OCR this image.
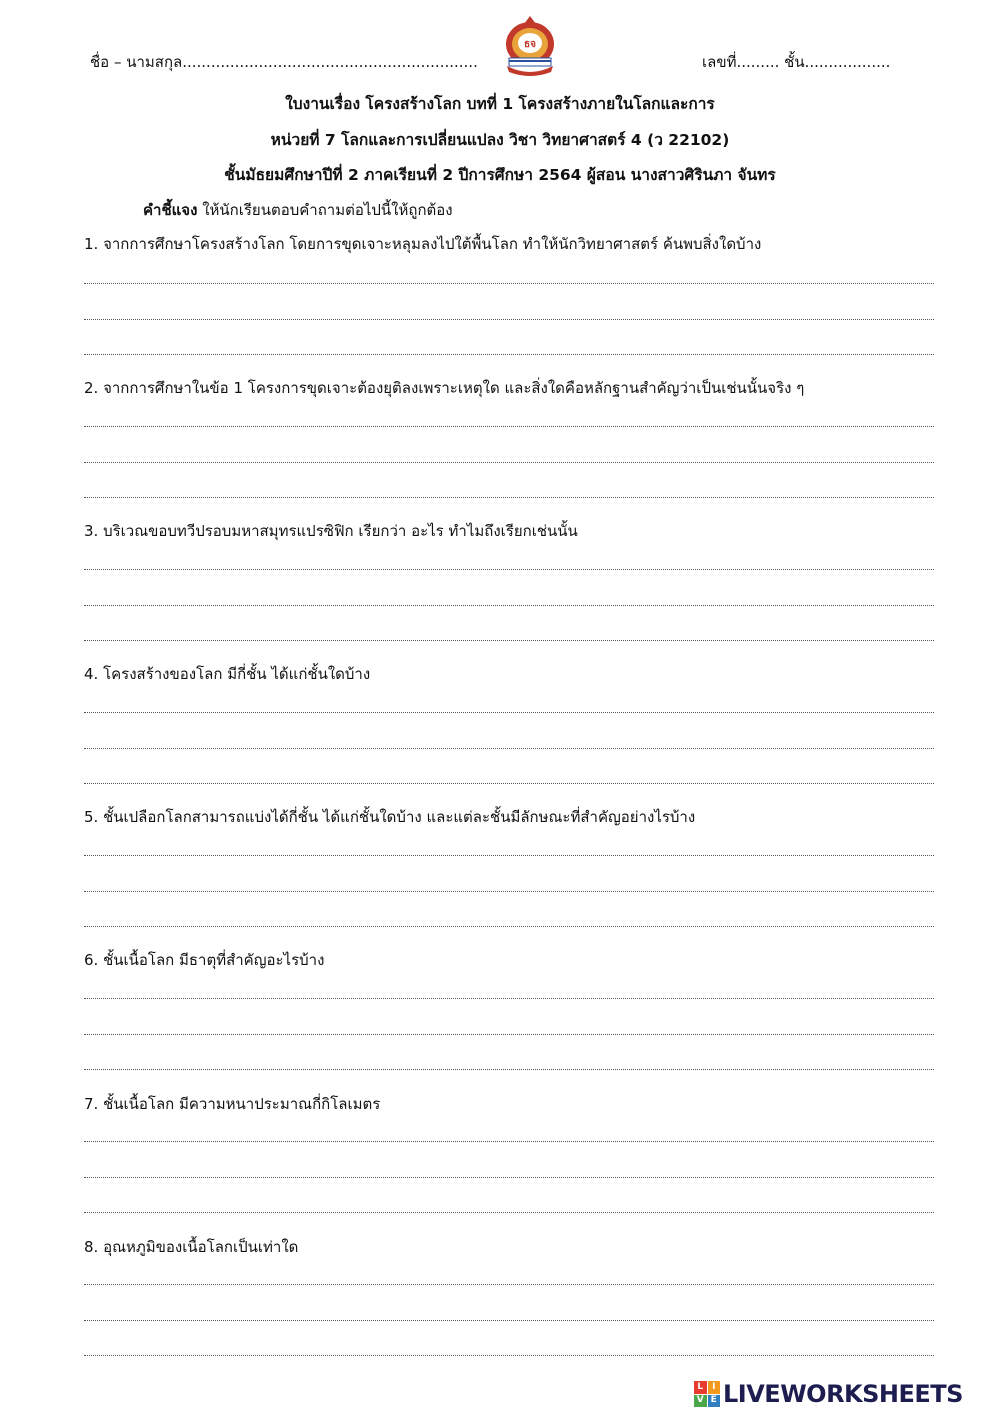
ชื่อ – นามสกุล..............................................................
ธจ
เลขที่......... ชั้น..................
ใบงานเรื่อง โครงสร้างโลก บทที่ 1 โครงสร้างภายในโลกและการ
หน่วยที่ 7 โลกและการเปลี่ยนแปลง วิชา วิทยาศาสตร์ 4 (ว 22102)
ชั้นมัธยมศึกษาปีที่ 2 ภาคเรียนที่ 2 ปีการศึกษา 2564 ผู้สอน นางสาวศิรินภา จันทร
คำชี้แจง ให้นักเรียนตอบคำถามต่อไปนี้ให้ถูกต้อง
1. จากการศึกษาโครงสร้างโลก โดยการขุดเจาะหลุมลงไปใต้พื้นโลก ทำให้นักวิทยาศาสตร์ ค้นพบสิ่งใดบ้าง
2. จากการศึกษาในข้อ 1 โครงการขุดเจาะต้องยุติลงเพราะเหตุใด และสิ่งใดคือหลักฐานสำคัญว่าเป็นเช่นนั้นจริง ๆ
3. บริเวณขอบทวีปรอบมหาสมุทรแปรซิฟิก เรียกว่า อะไร ทำไมถึงเรียกเช่นนั้น
4. โครงสร้างของโลก มีกี่ชั้น ได้แก่ชั้นใดบ้าง
5. ชั้นเปลือกโลกสามารถแบ่งได้กี่ชั้น ได้แก่ชั้นใดบ้าง และแต่ละชั้นมีลักษณะที่สำคัญอย่างไรบ้าง
6. ชั้นเนื้อโลก มีธาตุที่สำคัญอะไรบ้าง
7. ชั้นเนื้อโลก มีความหนาประมาณกี่กิโลเมตร
8. อุณหภูมิของเนื้อโลกเป็นเท่าใด
L I
V E LIVEWORKSHEETS
